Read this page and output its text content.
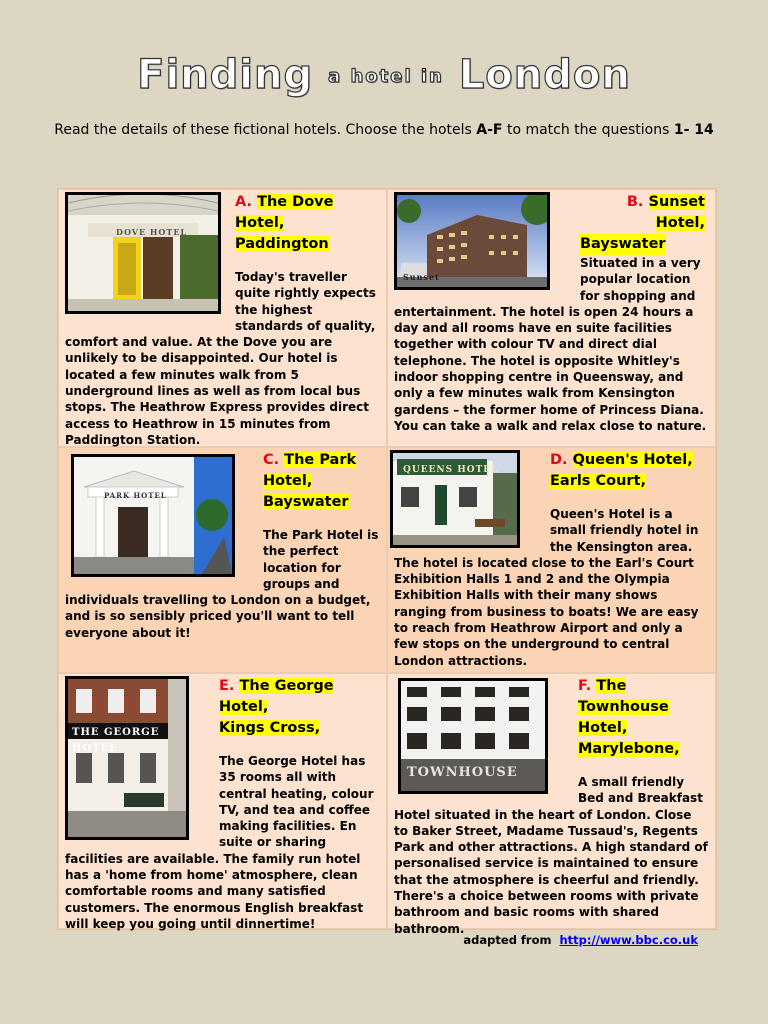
Finding a hotel in London
Read the details of these fictional hotels. Choose the hotels A-F to match the questions 1- 14
DOVE HOTEL
A. The Dove
Hotel,
Paddington

Today's traveller quite rightly expects the highest standards of quality, comfort and value. At the Dove you are unlikely to be disappointed. Our hotel is located a few minutes walk from 5 underground lines as well as from local bus stops. The Heathrow Express provides direct access to Heathrow in 15 minutes from Paddington Station.

Sunset
B. Sunset Hotel,

Bayswater

Situated in a very popular location for shopping and entertainment. The hotel is open 24 hours a day and all rooms have en suite facilities together with colour TV and direct dial telephone. The hotel is opposite Whitley's indoor shopping centre in Queensway, and only a few minutes walk from Kensington gardens – the former home of Princess Diana. You can take a walk and relax close to nature.

PARK HOTEL
C. The Park
Hotel,
Bayswater

The Park Hotel is the perfect location for groups and individuals travelling to London on a budget, and is so sensibly priced you'll want to tell everyone about it!

QUEENS HOTEL
D. Queen's Hotel,
Earls Court,

Queen's Hotel is a small friendly hotel in the Kensington area. The hotel is located close to the Earl's Court Exhibition Halls 1 and 2 and the Olympia Exhibition Halls with their many shows ranging from business to boats! We are easy to reach from Heathrow Airport and only a few stops on the underground to central London attractions.

THE GEORGE HOTEL
E. The George Hotel,
Kings Cross,

The George Hotel has 35 rooms all with central heating, colour TV, and tea and coffee making facilities. En suite or sharing facilities are available. The family run hotel has a 'home from home' atmosphere, clean comfortable rooms and many satisfied customers. The enormous English breakfast will keep you going until dinnertime!

TOWNHOUSE
F. The
Townhouse
Hotel,
Marylebone,

A small friendly Bed and Breakfast Hotel situated in the heart of London. Close to Baker Street, Madame Tussaud's, Regents Park and other attractions. A high standard of personalised service is maintained to ensure that the atmosphere is cheerful and friendly. There's a choice between rooms with private bathroom and basic rooms with shared bathroom.

adapted from http://www.bbc.co.uk
